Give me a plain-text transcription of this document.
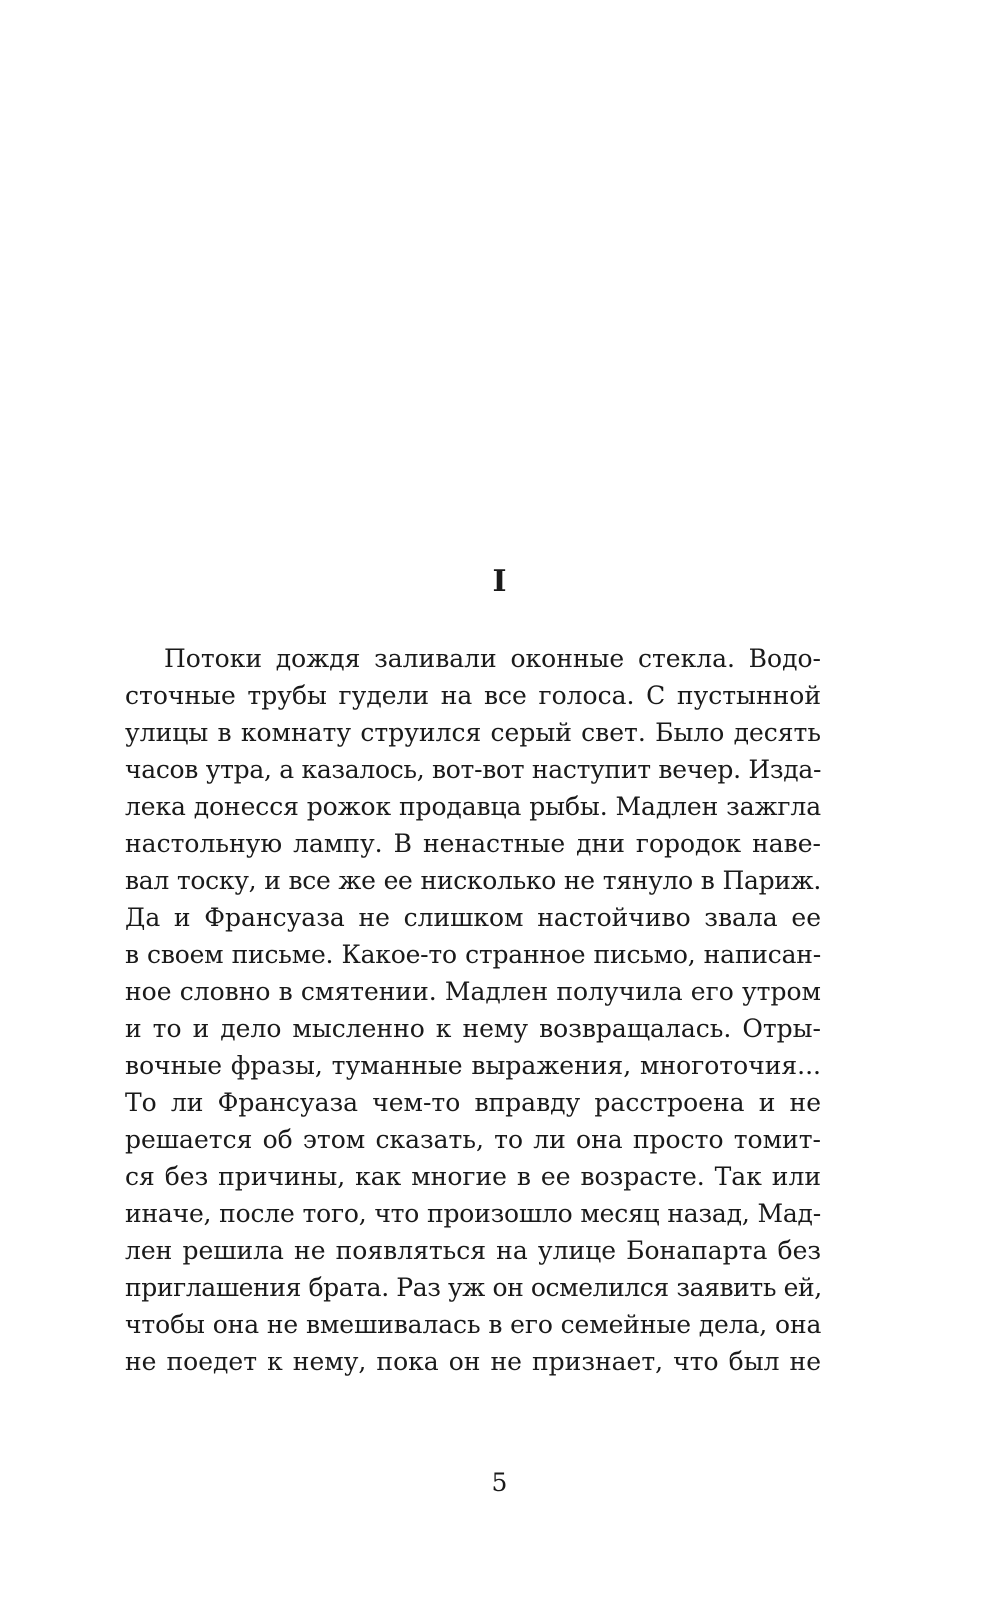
I
Потоки дождя заливали оконные стекла. Водо-
сточные трубы гудели на все голоса. С пустынной
улицы в комнату струился серый свет. Было десять
часов утра, а казалось, вот-вот наступит вечер. Изда-
лека донесся рожок продавца рыбы. Мадлен зажгла
настольную лампу. В ненастные дни городок наве-
вал тоску, и все же ее нисколько не тянуло в Париж.
Да и Франсуаза не слишком настойчиво звала ее
в своем письме. Какое-то странное письмо, написан-
ное словно в смятении. Мадлен получила его утром
и то и дело мысленно к нему возвращалась. Отры-
вочные фразы, туманные выражения, многоточия...
То ли Франсуаза чем-то вправду расстроена и не
решается об этом сказать, то ли она просто томит-
ся без причины, как многие в ее возрасте. Так или
иначе, после того, что произошло месяц назад, Мад-
лен решила не появляться на улице Бонапарта без
приглашения брата. Раз уж он осмелился заявить ей,
чтобы она не вмешивалась в его семейные дела, она
не поедет к нему, пока он не признает, что был не
5
